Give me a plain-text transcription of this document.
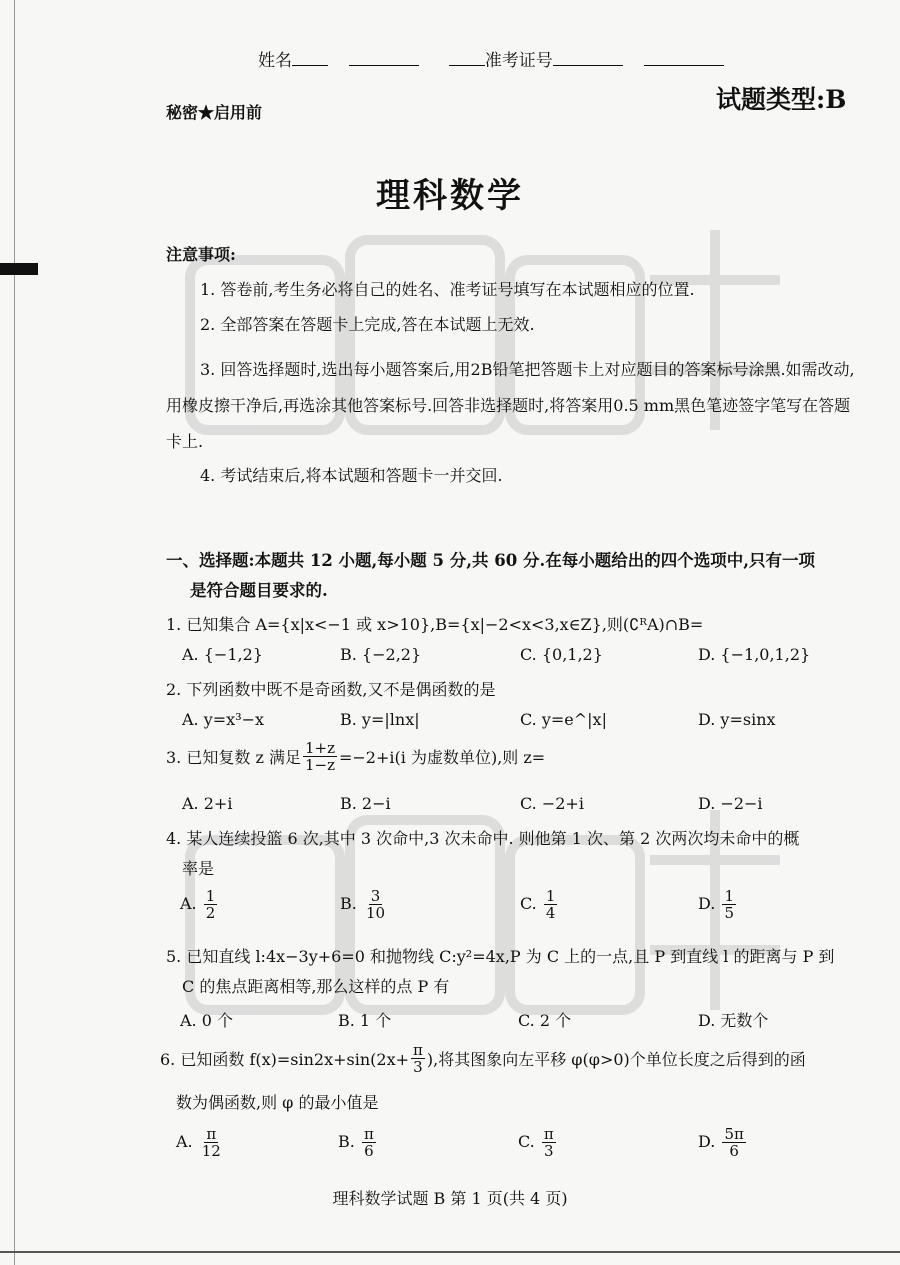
姓名	准考证号
秘密★启用前	试题类型:B
理科数学
注意事项:
1. 答卷前,考生务必将自己的姓名、准考证号填写在本试题相应的位置.
2. 全部答案在答题卡上完成,答在本试题上无效.
3. 回答选择题时,选出每小题答案后,用2B铅笔把答题卡上对应题目的答案标号涂黑.如需改动,用橡皮擦干净后,再选涂其他答案标号.回答非选择题时,将答案用0.5 mm黑色笔迹签字笔写在答题卡上.
4. 考试结束后,将本试题和答题卡一并交回.
一、选择题:本题共 12 小题,每小题 5 分,共 60 分.在每小题给出的四个选项中,只有一项
是符合题目要求的.
1. 已知集合 A={x|x<−1 或 x>10},B={x|−2<x<3,x∈Z},则(∁ᴿA)∩B=
A. {−1,2}	B. {−2,2}	C. {0,1,2}	D. {−1,0,1,2}
2. 下列函数中既不是奇函数,又不是偶函数的是
A. y=x³−x	B. y=|lnx|	C. y=e^|x|	D. y=sinx
3. 已知复数 z 满足 $\frac{1+z}{1-z} =-2+i(i$ 为虚数单位),则 z=
A. 2+i	B. 2−i	C. −2+i	D. −2−i
4. 某人连续投篮 6 次,其中 3 次命中,3 次未命中. 则他第 1 次、第 2 次两次均未命中的概
率是
A. $\frac{1}{2}$	B. $\frac{3}{10}$	C. $\frac{1}{4}$	D. $\frac{1}{5}$
5. 已知直线 l:4x−3y+6=0 和抛物线 C:y²=4x,P 为 C 上的一点,且 P 到直线 l 的距离与 P 到
C 的焦点距离相等,那么这样的点 P 有
A. 0 个	B. 1 个	C. 2 个	D. 无数个
6. 已知函数 $f(x)=\sin 2x+\sin(2x+ \frac{\pi}{3}$ ),将其图象向左平移 φ(φ>0)个单位长度之后得到的函
数为偶函数,则 φ 的最小值是
A. $\frac{\pi}{12}$	B. $\frac{\pi}{6}$	C. $\frac{\pi}{3}$	D. $\frac{5\pi}{6}$
理科数学试题 B 第 1 页(共 4 页)
